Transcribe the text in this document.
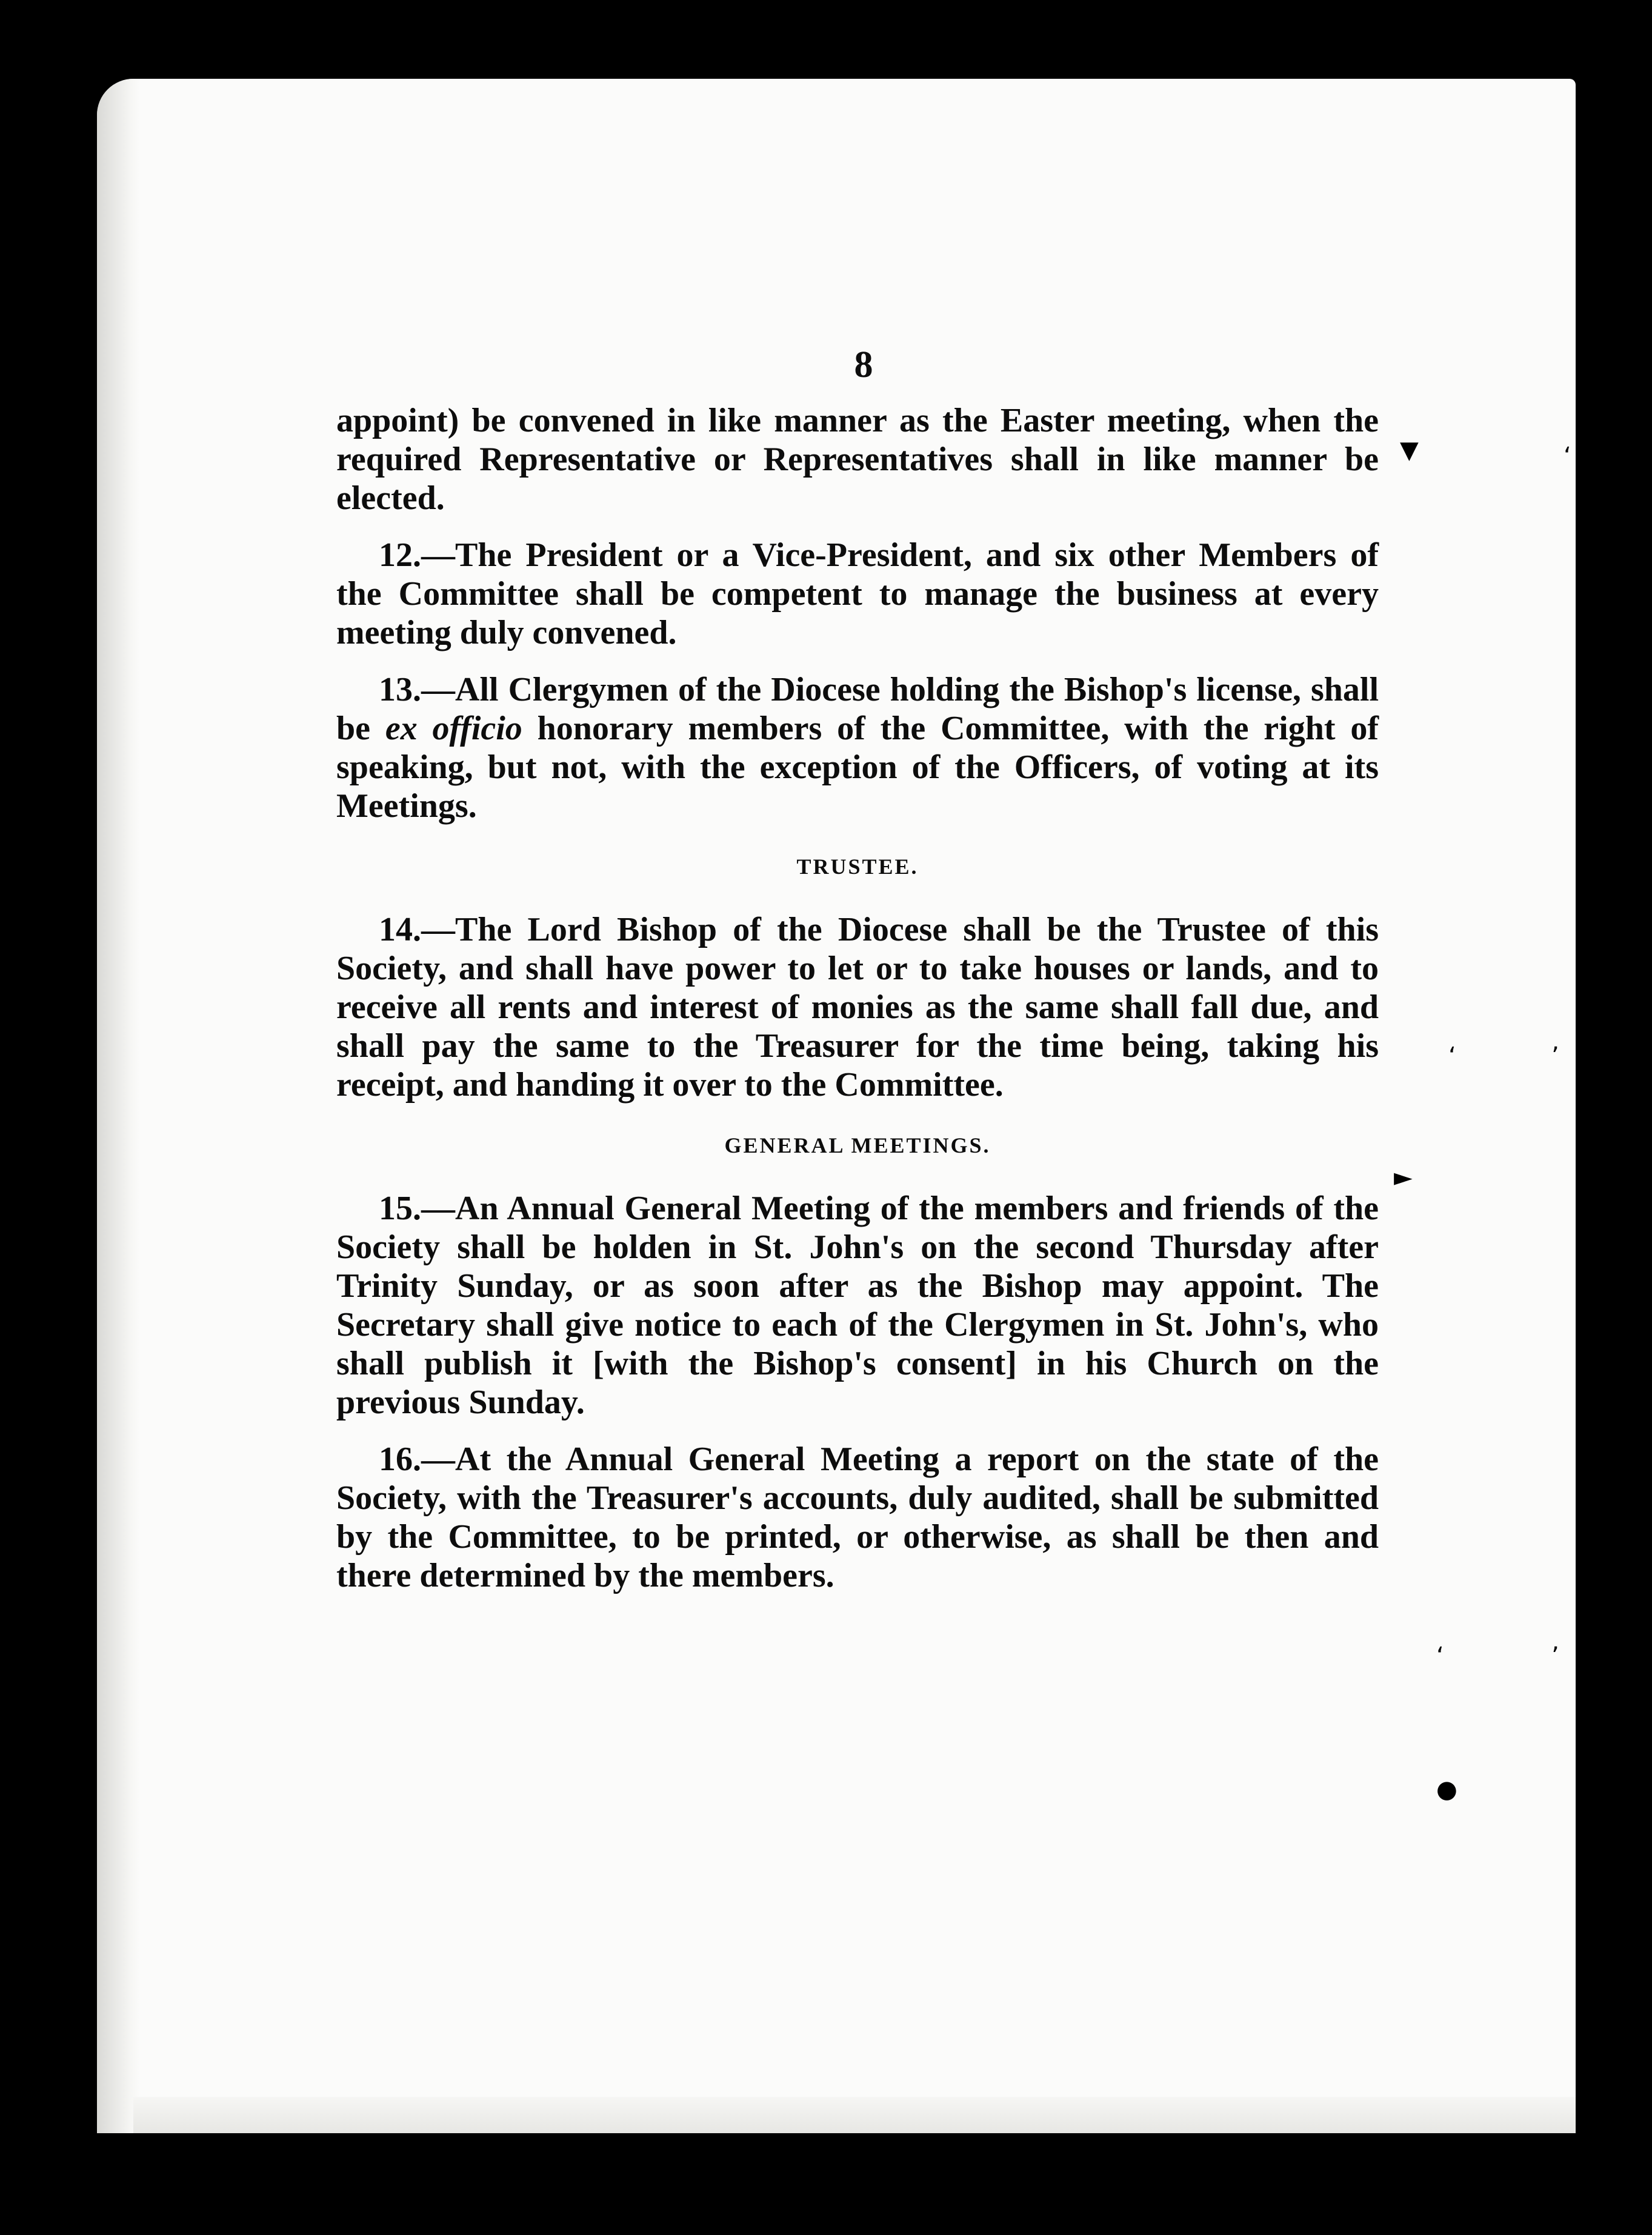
8

appoint) be convened in like manner as the Easter meeting, when the required Representative or Representatives shall in like manner be elected.

12.—The President or a Vice-President, and six other Members of the Committee shall be competent to manage the business at every meeting duly convened.

13.—All Clergymen of the Diocese holding the Bishop's license, shall be ex officio honorary members of the Committee, with the right of speaking, but not, with the exception of the Officers, of voting at its Meetings.

TRUSTEE.

14.—The Lord Bishop of the Diocese shall be the Trustee of this Society, and shall have power to let or to take houses or lands, and to receive all rents and interest of monies as the same shall fall due, and shall pay the same to the Treasurer for the time being, taking his receipt, and handing it over to the Committee.

GENERAL MEETINGS.

15.—An Annual General Meeting of the members and friends of the Society shall be holden in St. John's on the second Thursday after Trinity Sunday, or as soon after as the Bishop may appoint. The Secretary shall give notice to each of the Clergymen in St. John's, who shall publish it [with the Bishop's consent] in his Church on the previous Sunday.

16.—At the Annual General Meeting a report on the state of the Society, with the Treasurer's accounts, duly audited, shall be submitted by the Committee, to be printed, or otherwise, as shall be then and there determined by the members.

▼	‘
‘	’
►	▲
‘	’
●	●
